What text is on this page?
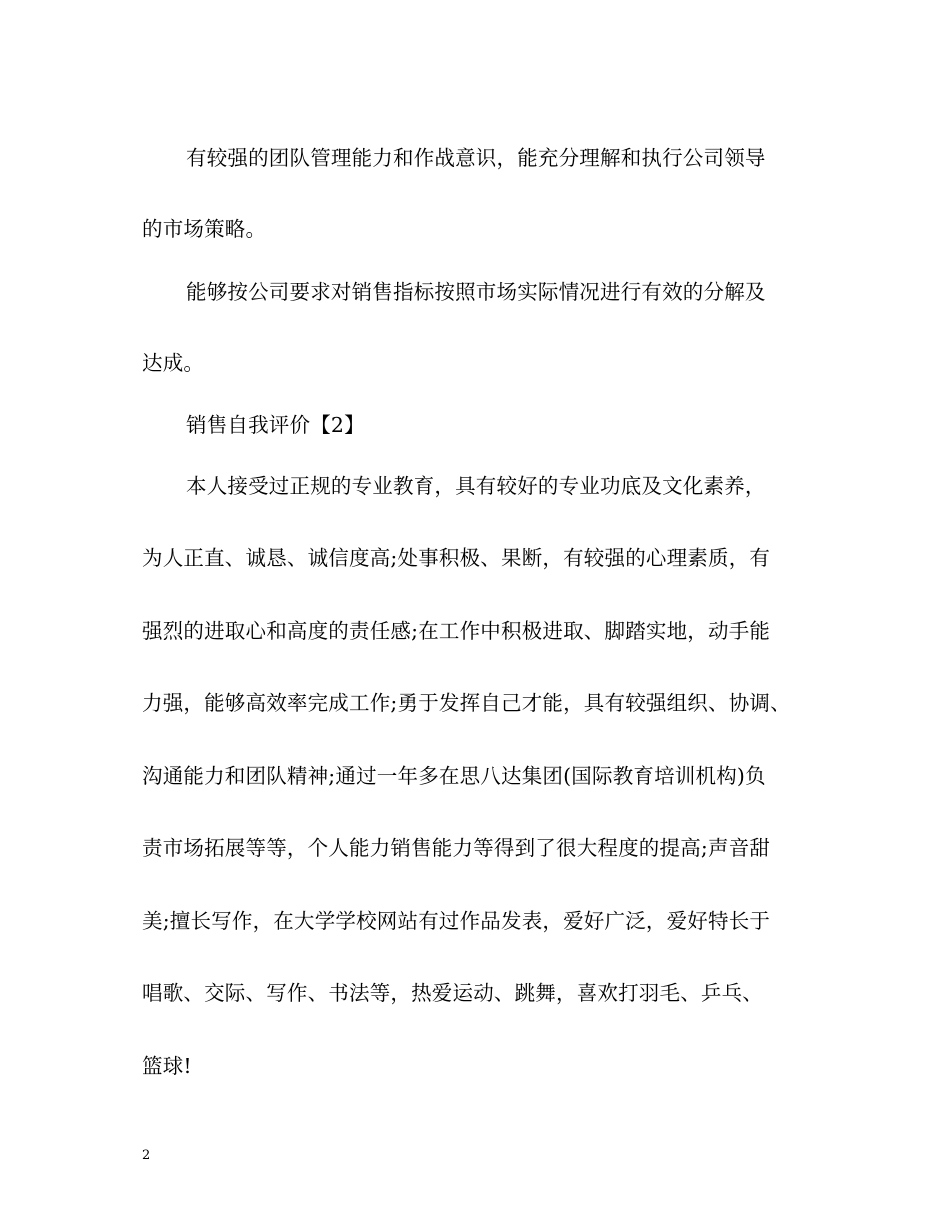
有较强的团队管理能力和作战意识，能充分理解和执行公司领导
的市场策略。
能够按公司要求对销售指标按照市场实际情况进行有效的分解及
达成。
销售自我评价【2】
本人接受过正规的专业教育，具有较好的专业功底及文化素养，
为人正直、诚恳、诚信度高;处事积极、果断，有较强的心理素质，有
强烈的进取心和高度的责任感;在工作中积极进取、脚踏实地，动手能
力强，能够高效率完成工作;勇于发挥自己才能，具有较强组织、协调、
沟通能力和团队精神;通过一年多在思八达集团(国际教育培训机构)负
责市场拓展等等，个人能力销售能力等得到了很大程度的提高;声音甜
美;擅长写作，在大学学校网站有过作品发表，爱好广泛，爱好特长于
唱歌、交际、写作、书法等，热爱运动、跳舞，喜欢打羽毛、乒乓、
篮球!
2
